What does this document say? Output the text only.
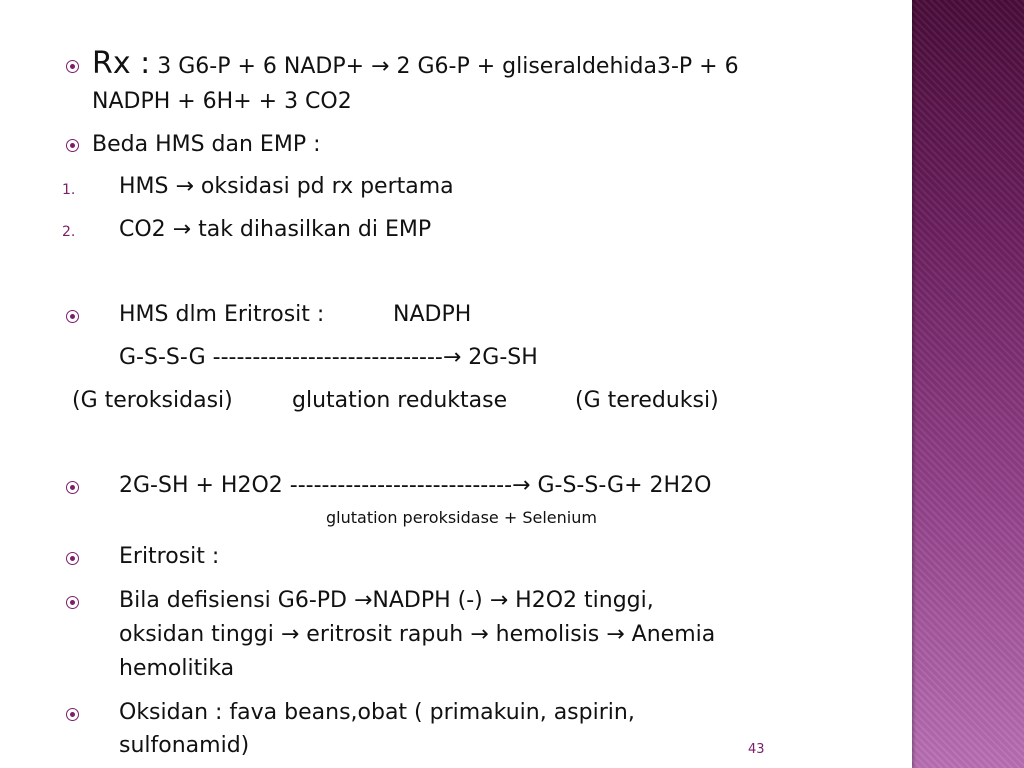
Rx : 3 G6-P + 6 NADP+ → 2 G6-P + gliseraldehida3-P + 6
NADPH + 6H+ + 3 CO2
Beda HMS dan EMP :
1. HMS → oksidasi pd rx pertama
2. CO2 → tak dihasilkan di EMP
HMS dlm Eritrosit :	NADPH
G-S-S-G -----------------------------→ 2G-SH
(G teroksidasi)	glutation reduktase	(G tereduksi)
2G-SH + H2O2 ----------------------------→ G-S-S-G+ 2H2O
glutation peroksidase + Selenium
Eritrosit :
Bila defisiensi G6-PD →NADPH (-) → H2O2 tinggi,
oksidan tinggi → eritrosit rapuh → hemolisis → Anemia
hemolitika
Oksidan : fava beans,obat ( primakuin, aspirin,
sulfonamid)	43
